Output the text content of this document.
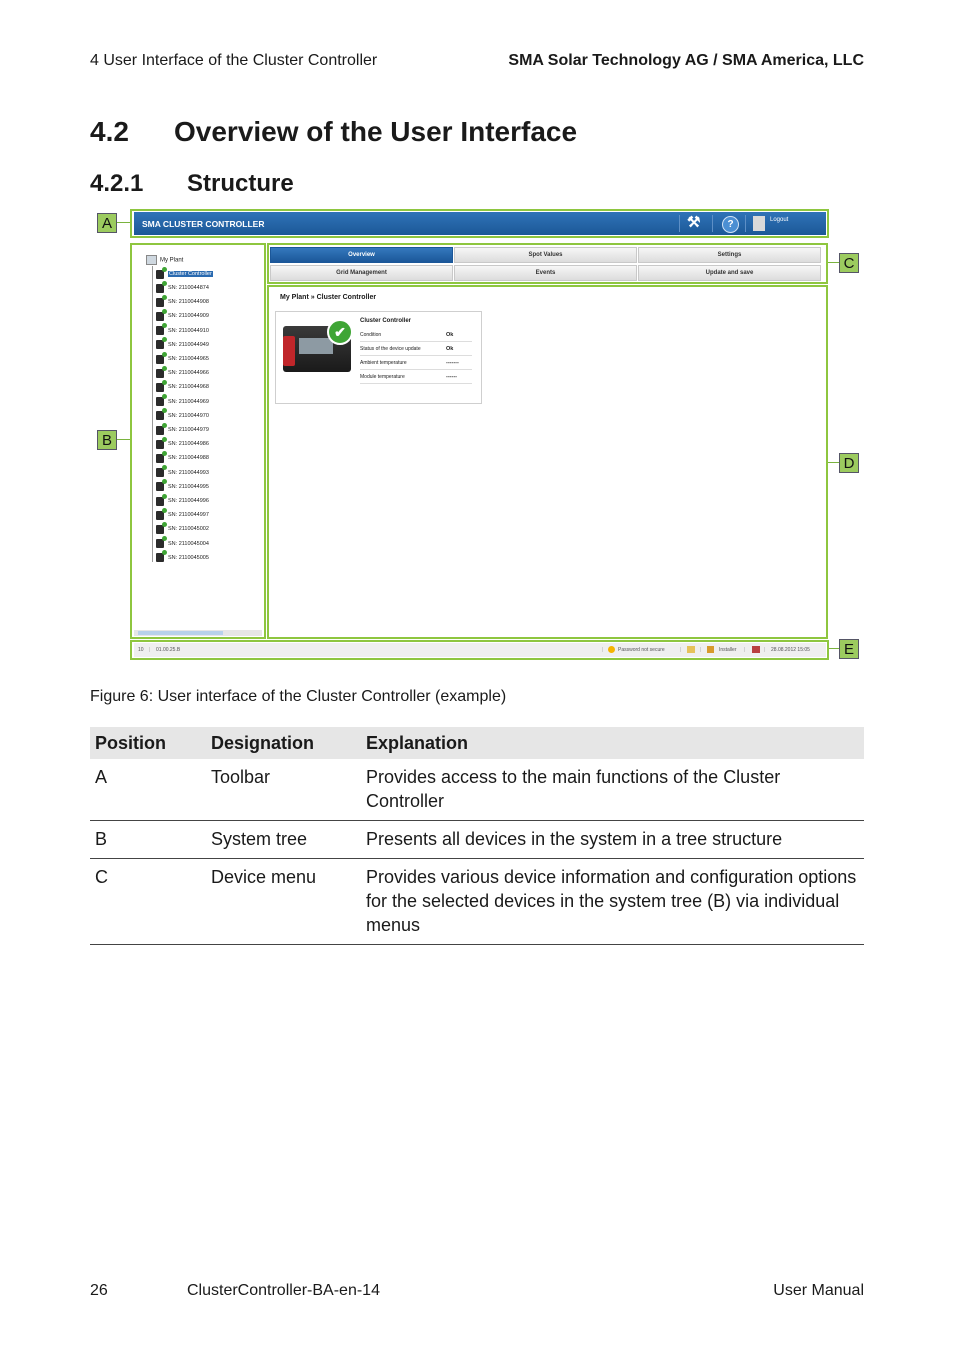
4 User Interface of the Cluster Controller	SMA Solar Technology AG / SMA America, LLC
4.2 Overview of the User Interface
4.2.1 Structure
A
B
C
D
E
SMA CLUSTER CONTROLLER	⚒	?	Logout
My Plant
Cluster Controller
SN: 2110044874
SN: 2110044908
SN: 2110044909
SN: 2110044910
SN: 2110044949
SN: 2110044965
SN: 2110044966
SN: 2110044968
SN: 2110044969
SN: 2110044970
SN: 2110044979
SN: 2110044986
SN: 2110044988
SN: 2110044993
SN: 2110044995
SN: 2110044996
SN: 2110044997
SN: 2110045002
SN: 2110045004
SN: 2110045005
Overview	Spot Values	Settings
Grid Management	Events	Update and save
My Plant » Cluster Controller
✔
Cluster Controller
Condition	Ok
Status of the device update	Ok
Ambient temperature	-------
Module temperature	------
10 | 01.00.25.B	|	Password not secure	|	|	Installer |	| 28.08.2012 15:05
Figure 6: User interface of the Cluster Controller (example)
Position	Designation	Explanation
A	Toolbar	Provides access to the main functions of the Cluster Controller
B	System tree	Presents all devices in the system in a tree structure
C	Device menu	Provides various device information and configuration options for the selected devices in the system tree (B) via individual menus
26	ClusterController-BA-en-14	User Manual
